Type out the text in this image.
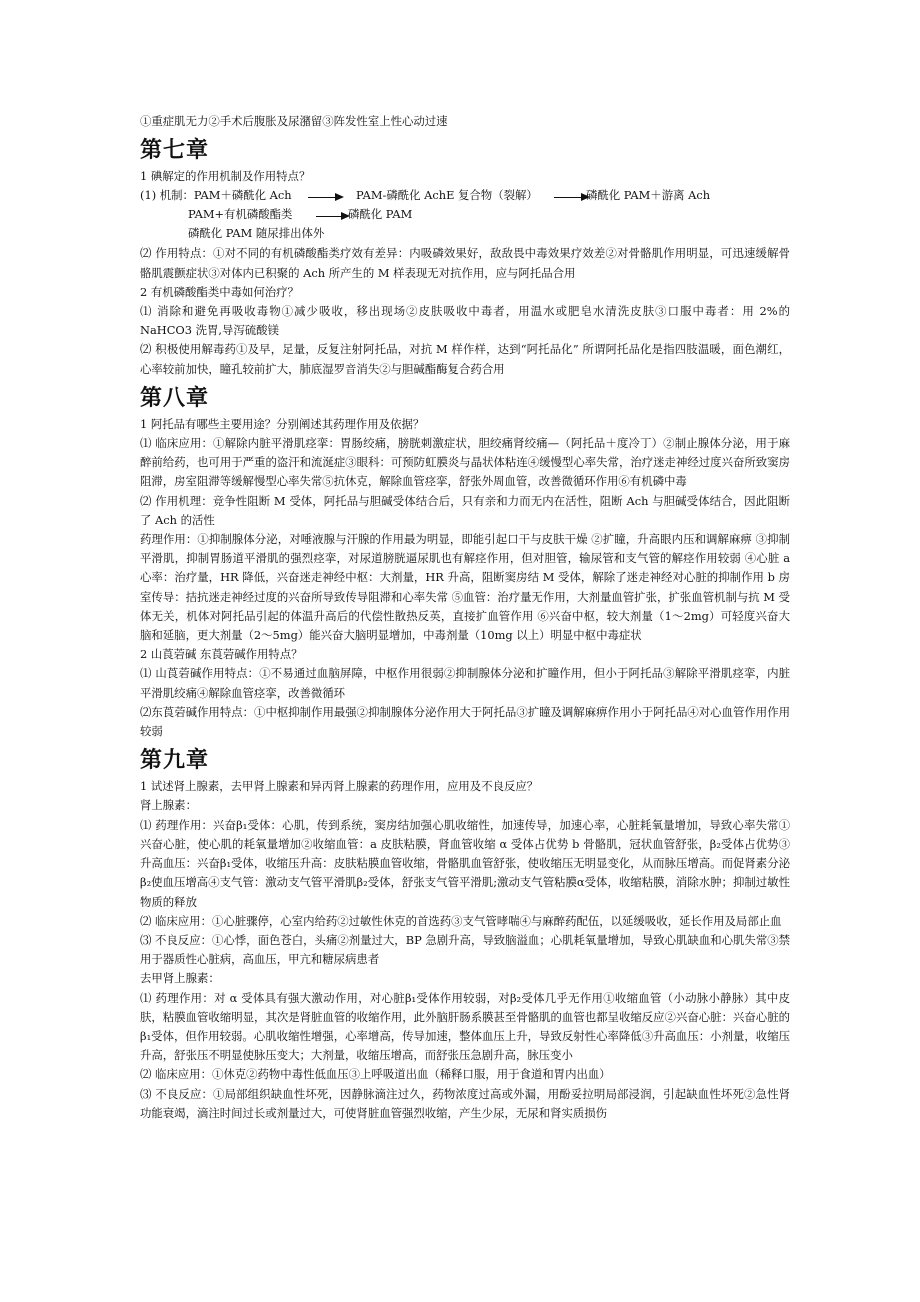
①重症肌无力②手术后腹胀及尿潴留③阵发性室上性心动过速

第七章

1 碘解定的作用机制及作用特点？

(1) 机制：PAM＋磷酰化 Ach	PAM-磷酰化 AchE 复合物（裂解）	磷酰化 PAM＋游离 Ach
PAM+有机磷酸酯类	磷酰化 PAM
磷酰化 PAM 随尿排出体外

⑵ 作用特点：①对不同的有机磷酸酯类疗效有差异：内吸磷效果好，敌敌畏中毒效果疗效差②对骨骼肌作用明显，可迅速缓解骨骼肌震颤症状③对体内已积聚的 Ach 所产生的 M 样表现无对抗作用，应与阿托品合用

2 有机磷酸酯类中毒如何治疗？

⑴ 消除和避免再吸收毒物①减少吸收，移出现场②皮肤吸收中毒者，用温水或肥皂水清洗皮肤③口服中毒者：用 2%的 NaHCO3 洗胃,导泻硫酸镁

⑵ 积极使用解毒药①及早，足量，反复注射阿托品，对抗 M 样作样，达到“阿托品化” 所谓阿托品化是指四肢温暖，面色潮红，心率较前加快，瞳孔较前扩大，肺底湿罗音消失②与胆碱酯酶复合药合用

第八章

1 阿托品有哪些主要用途？分别阐述其药理作用及依据？

⑴ 临床应用：①解除内脏平滑肌痉挛：胃肠绞痛，膀胱刺激症状，胆绞痛肾绞痛—（阿托品＋度冷丁）②制止腺体分泌，用于麻醉前给药，也可用于严重的盗汗和流涎症③眼科：可预防虹膜炎与晶状体粘连④缓慢型心率失常，治疗迷走神经过度兴奋所致窦房阻滞，房室阻滞等缓解慢型心率失常⑤抗休克，解除血管痉挛，舒张外周血管，改善微循环作用⑥有机磷中毒

⑵ 作用机理：竞争性阻断 M 受体，阿托品与胆碱受体结合后，只有亲和力而无内在活性，阻断 Ach 与胆碱受体结合，因此阻断了 Ach 的活性

药理作用：①抑制腺体分泌，对唾液腺与汗腺的作用最为明显，即能引起口干与皮肤干燥 ②扩瞳，升高眼内压和调解麻痹 ③抑制平滑肌，抑制胃肠道平滑肌的强烈痉挛，对尿道膀胱逼尿肌也有解痉作用，但对胆管，输尿管和支气管的解痉作用较弱 ④心脏 a 心率：治疗量，HR 降低，兴奋迷走神经中枢：大剂量，HR 升高，阻断窦房结 M 受体，解除了迷走神经对心脏的抑制作用 b 房室传导：拮抗迷走神经过度的兴奋所导致传导阻滞和心率失常 ⑤血管：治疗量无作用，大剂量血管扩张，扩张血管机制与抗 M 受体无关，机体对阿托品引起的体温升高后的代偿性散热反英，直接扩血管作用 ⑥兴奋中枢，较大剂量（1～2mg）可轻度兴奋大脑和延脑，更大剂量（2～5mg）能兴奋大脑明显增加，中毒剂量（10mg 以上）明显中枢中毒症状

2 山莨菪碱 东莨菪碱作用特点？

⑴ 山莨菪碱作用特点：①不易通过血脑屏障，中枢作用很弱②抑制腺体分泌和扩瞳作用，但小于阿托品③解除平滑肌痉挛，内脏平滑肌绞痛④解除血管痉挛，改善微循环

⑵东莨菪碱作用特点：①中枢抑制作用最强②抑制腺体分泌作用大于阿托品③扩瞳及调解麻痹作用小于阿托品④对心血管作用作用较弱

第九章

1 试述肾上腺素，去甲肾上腺素和异丙肾上腺素的药理作用，应用及不良反应？

肾上腺素：

⑴ 药理作用：兴奋β₁受体：心肌，传到系统，窦房结加强心肌收缩性，加速传导，加速心率，心脏耗氧量增加，导致心率失常①兴奋心脏，使心肌的耗氧量增加②收缩血管：a 皮肤粘膜，肾血管收缩 α 受体占优势 b 骨骼肌，冠状血管舒张，β₂受体占优势③升高血压：兴奋β₁受体，收缩压升高：皮肤粘膜血管收缩，骨骼肌血管舒张，使收缩压无明显变化，从而脉压增高。而促肾素分泌β₂使血压增高④支气管：激动支气管平滑肌β₂受体，舒张支气管平滑肌;激动支气管粘膜α受体，收缩粘膜，消除水肿；抑制过敏性物质的释放

⑵ 临床应用：①心脏骤停，心室内给药②过敏性休克的首选药③支气管哮喘④与麻醉药配伍，以延缓吸收，延长作用及局部止血

⑶ 不良反应：①心悸，面色苍白，头痛②剂量过大，BP 急剧升高，导致脑溢血；心肌耗氧量增加，导致心肌缺血和心肌失常③禁用于器质性心脏病，高血压，甲亢和糖尿病患者

去甲肾上腺素：

⑴ 药理作用：对 α 受体具有强大激动作用，对心脏β₁受体作用较弱，对β₂受体几乎无作用①收缩血管（小动脉小静脉）其中皮肤，粘膜血管收缩明显，其次是肾脏血管的收缩作用，此外脑肝肠系膜甚至骨骼肌的血管也都呈收缩反应②兴奋心脏：兴奋心脏的β₁受体，但作用较弱。心肌收缩性增强，心率增高，传导加速，整体血压上升，导致反射性心率降低③升高血压：小剂量，收缩压升高，舒张压不明显使脉压变大；大剂量，收缩压增高，而舒张压急剧升高，脉压变小

⑵ 临床应用：①休克②药物中毒性低血压③上呼吸道出血（稀释口服，用于食道和胃内出血）

⑶ 不良反应：①局部组织缺血性坏死，因静脉滴注过久，药物浓度过高或外漏，用酚妥拉明局部浸润，引起缺血性坏死②急性肾功能衰竭，滴注时间过长或剂量过大，可使肾脏血管强烈收缩，产生少尿，无尿和肾实质损伤
